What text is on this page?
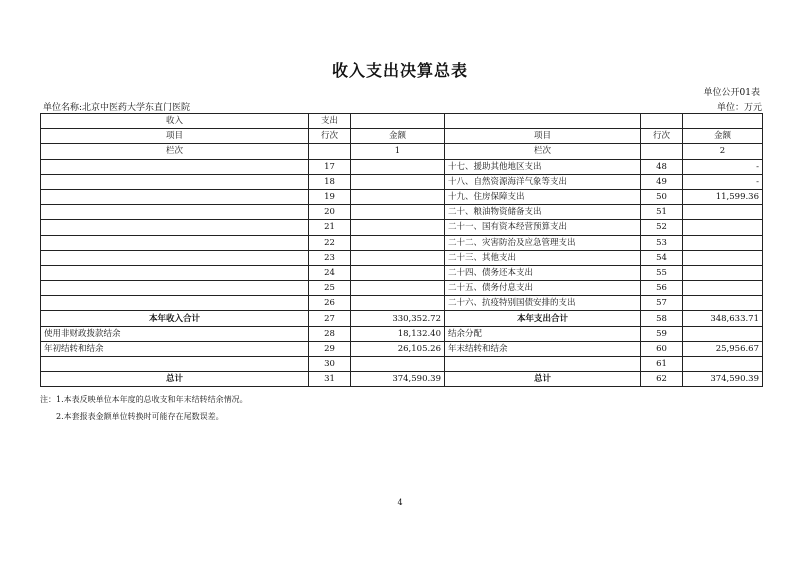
收入支出决算总表
单位公开01表
单位名称:北京中医药大学东直门医院	单位：万元
收入	支出				
项目	行次	金额	项目	行次	金额
栏次		1	栏次		2
	17		十七、援助其他地区支出	48	-
	18		十八、自然资源海洋气象等支出	49	-
	19		十九、住房保障支出	50	11,599.36
	20		二十、粮油物资储备支出	51	
	21		二十一、国有资本经营预算支出	52	
	22		二十二、灾害防治及应急管理支出	53	
	23		二十三、其他支出	54	
	24		二十四、债务还本支出	55	
	25		二十五、债务付息支出	56	
	26		二十六、抗疫特别国债安排的支出	57	
本年收入合计	27	330,352.72	本年支出合计	58	348,633.71
使用非财政拨款结余	28	18,132.40	结余分配	59	
年初结转和结余	29	26,105.26	年末结转和结余	60	25,956.67
	30			61	
总计	31	374,590.39	总计	62	374,590.39
注：1.本表反映单位本年度的总收支和年末结转结余情况。
2.本套报表金额单位转换时可能存在尾数误差。
4
